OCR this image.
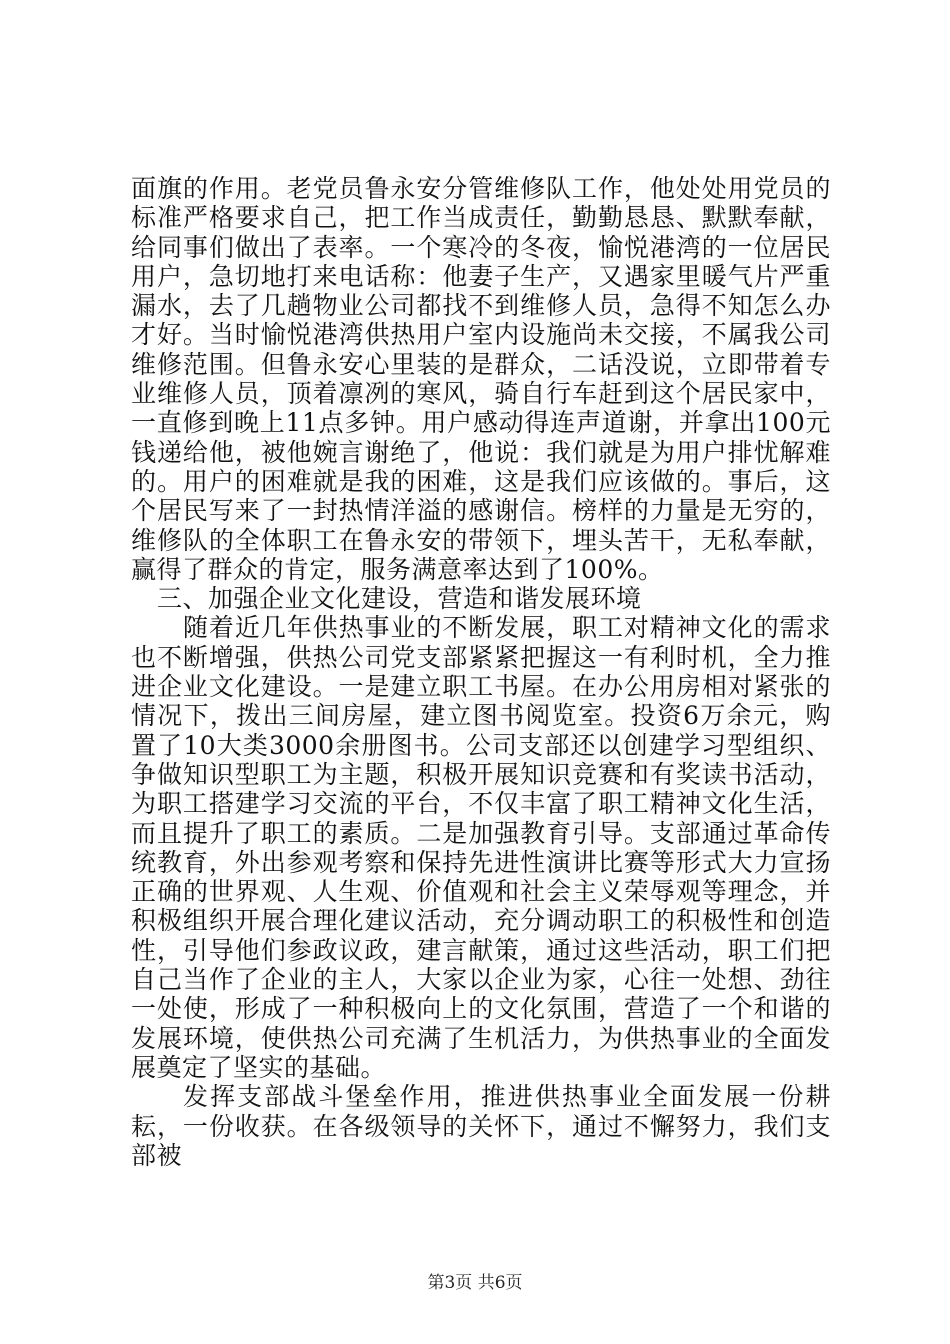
面旗的作用。老党员鲁永安分管维修队工作，他处处用党员的标准严格要求自己，把工作当成责任，勤勤恳恳、默默奉献，给同事们做出了表率。一个寒冷的冬夜，愉悦港湾的一位居民用户，急切地打来电话称：他妻子生产，又遇家里暖气片严重漏水，去了几趟物业公司都找不到维修人员，急得不知怎么办才好。当时愉悦港湾供热用户室内设施尚未交接，不属我公司维修范围。但鲁永安心里装的是群众，二话没说，立即带着专业维修人员，顶着凛冽的寒风，骑自行车赶到这个居民家中，一直修到晚上11点多钟。用户感动得连声道谢，并拿出100元钱递给他，被他婉言谢绝了，他说：我们就是为用户排忧解难的。用户的困难就是我的困难，这是我们应该做的。事后，这个居民写来了一封热情洋溢的感谢信。榜样的力量是无穷的，维修队的全体职工在鲁永安的带领下，埋头苦干，无私奉献，赢得了群众的肯定，服务满意率达到了100%。

三、加强企业文化建设，营造和谐发展环境

随着近几年供热事业的不断发展，职工对精神文化的需求也不断增强，供热公司党支部紧紧把握这一有利时机，全力推进企业文化建设。一是建立职工书屋。在办公用房相对紧张的情况下，拨出三间房屋，建立图书阅览室。投资6万余元，购置了10大类3000余册图书。公司支部还以创建学习型组织、争做知识型职工为主题，积极开展知识竞赛和有奖读书活动，为职工搭建学习交流的平台，不仅丰富了职工精神文化生活，而且提升了职工的素质。二是加强教育引导。支部通过革命传统教育，外出参观考察和保持先进性演讲比赛等形式大力宣扬正确的世界观、人生观、价值观和社会主义荣辱观等理念，并积极组织开展合理化建议活动，充分调动职工的积极性和创造性，引导他们参政议政，建言献策，通过这些活动，职工们把自己当作了企业的主人，大家以企业为家，心往一处想、劲往一处使，形成了一种积极向上的文化氛围，营造了一个和谐的发展环境，使供热公司充满了生机活力，为供热事业的全面发展奠定了坚实的基础。

发挥支部战斗堡垒作用，推进供热事业全面发展一份耕耘，一份收获。在各级领导的关怀下，通过不懈努力，我们支部被

第3页 共6页
